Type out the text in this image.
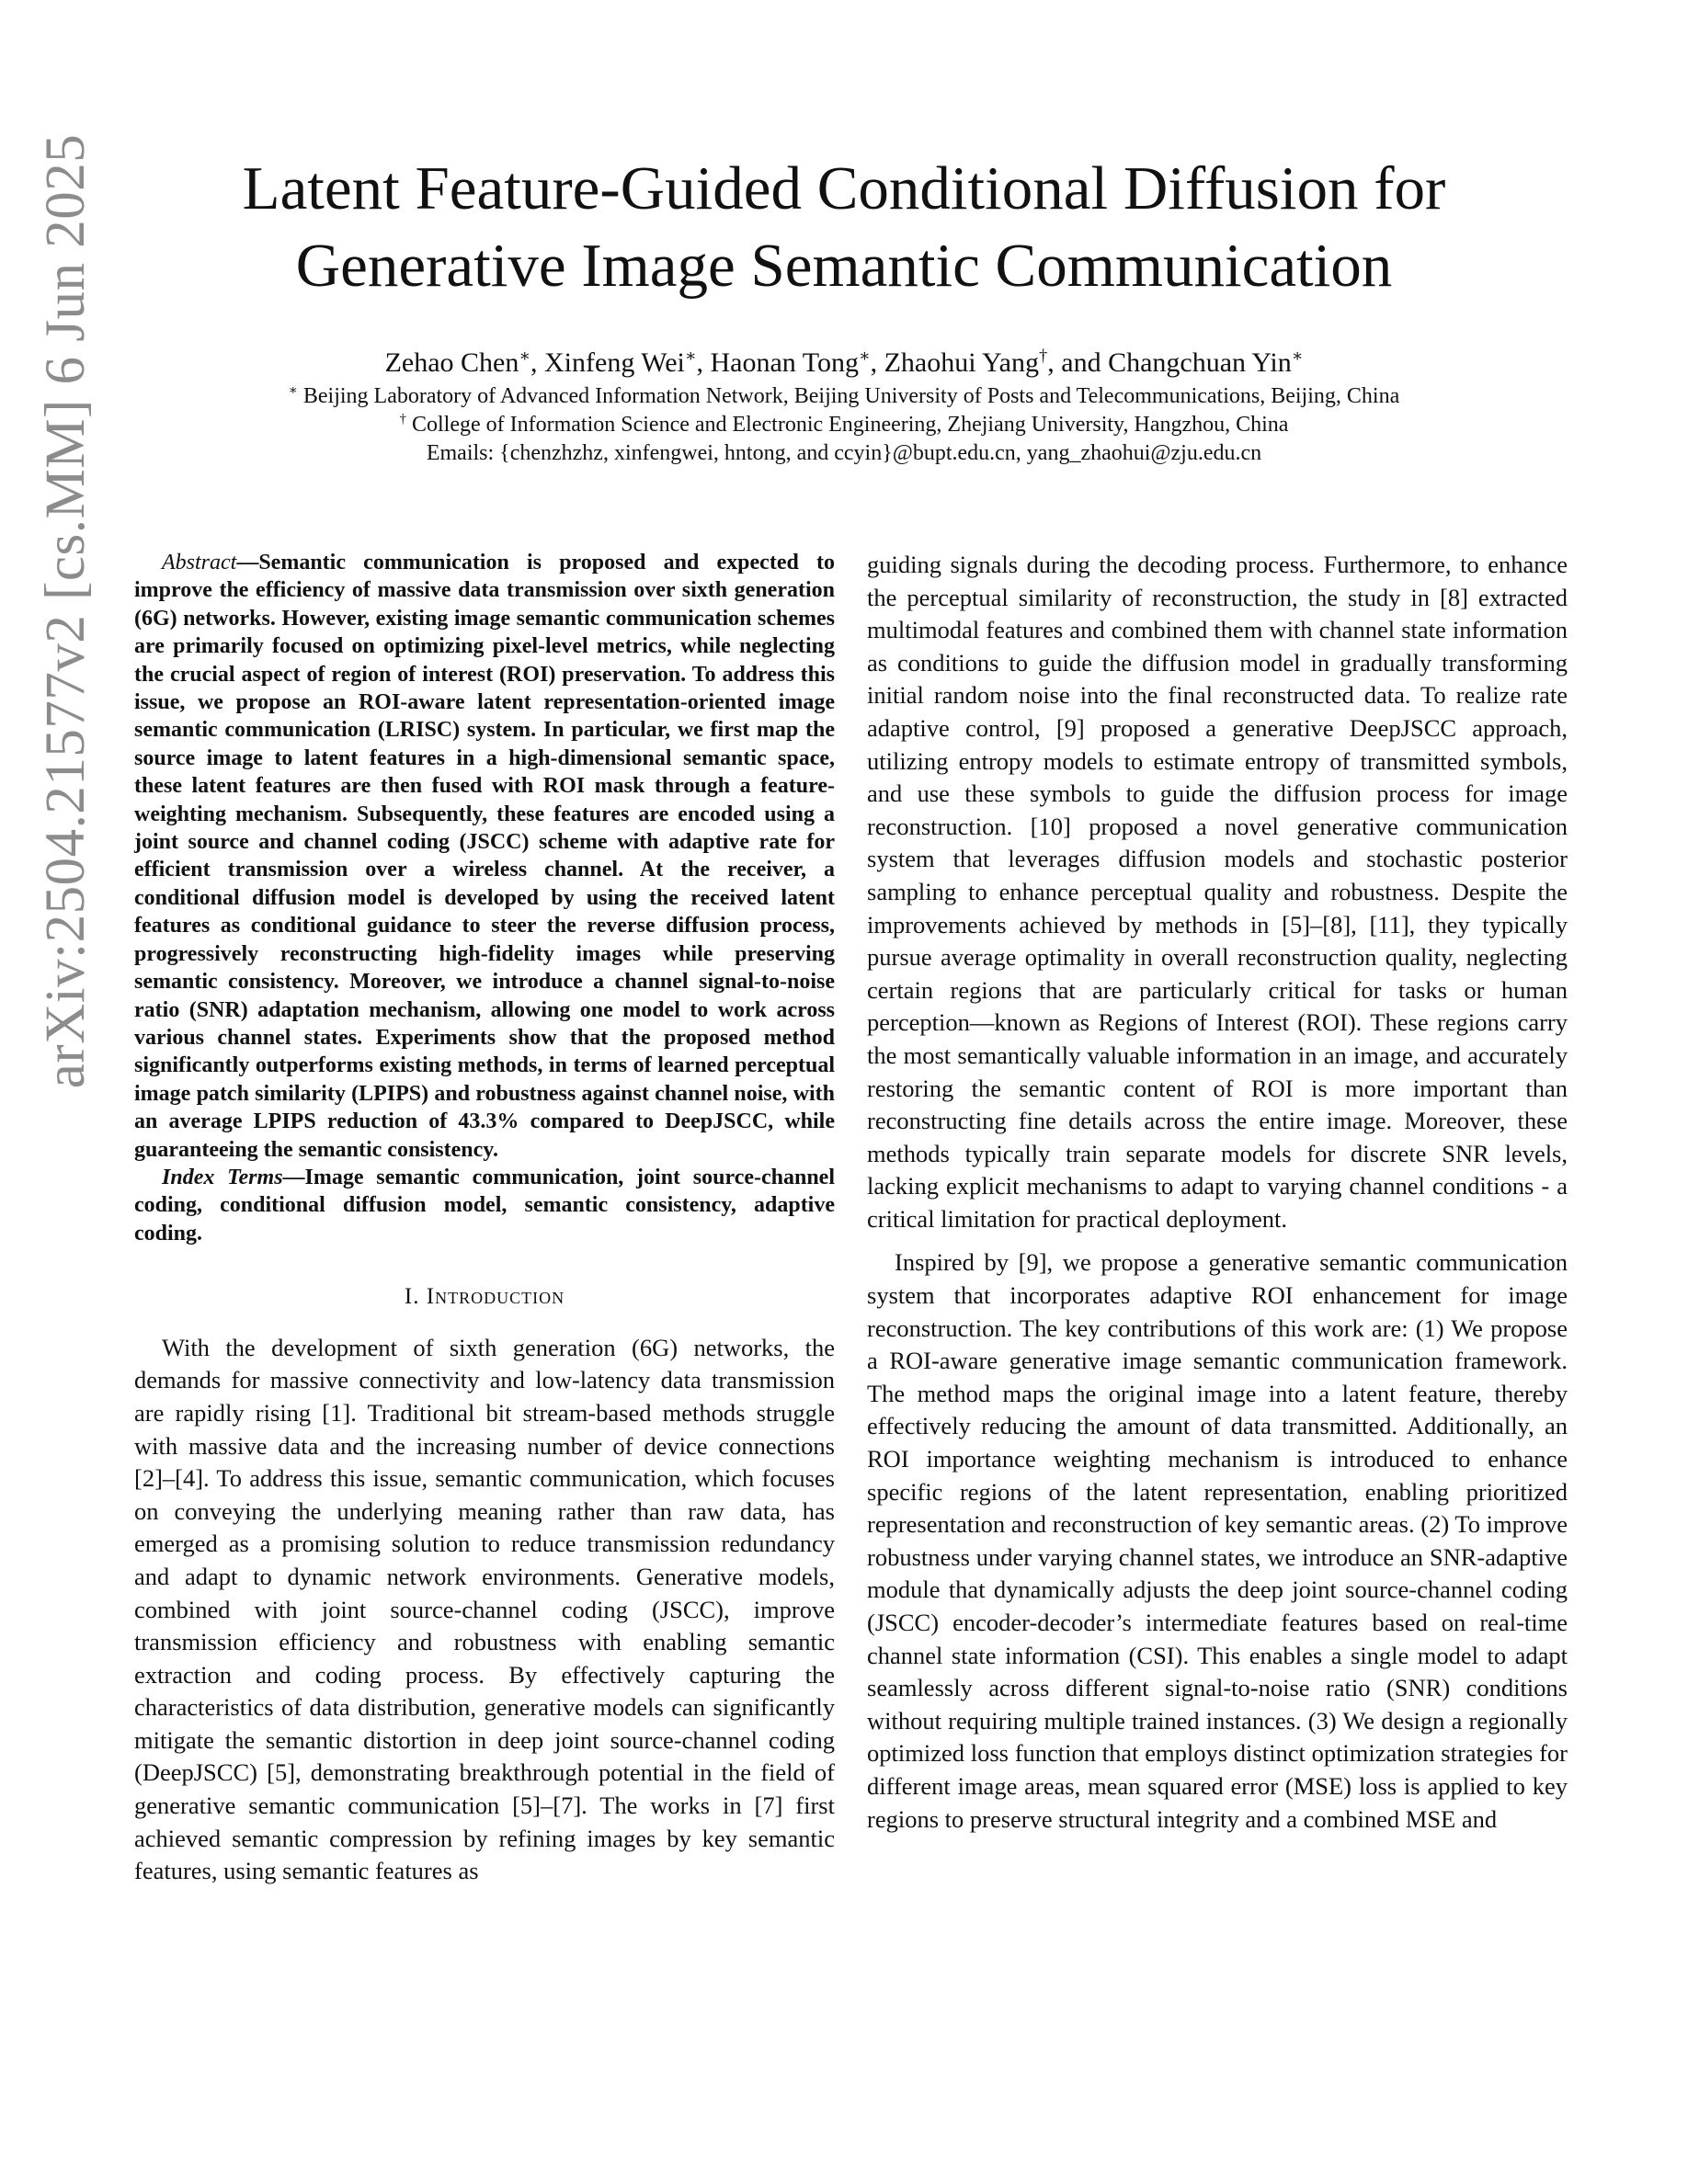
arXiv:2504.21577v2 [cs.MM] 6 Jun 2025	Latent Feature-Guided Conditional Diffusion for
Generative Image Semantic Communication
Zehao Chen∗, Xinfeng Wei∗, Haonan Tong∗, Zhaohui Yang†, and Changchuan Yin∗
∗ Beijing Laboratory of Advanced Information Network, Beijing University of Posts and Telecommunications, Beijing, China
† College of Information Science and Electronic Engineering, Zhejiang University, Hangzhou, China
Emails: {chenzhzhz, xinfengwei, hntong, and ccyin}@bupt.edu.cn, yang_zhaohui@zju.edu.cn

Abstract—Semantic communication is proposed and expected to improve the efficiency of massive data transmission over sixth generation (6G) networks. However, existing image semantic communication schemes are primarily focused on optimizing pixel-level metrics, while neglecting the crucial aspect of region of interest (ROI) preservation. To address this issue, we propose an ROI-aware latent representation-oriented image semantic communication (LRISC) system. In particular, we first map the source image to latent features in a high-dimensional semantic space, these latent features are then fused with ROI mask through a feature-weighting mechanism. Subsequently, these features are encoded using a joint source and channel coding (JSCC) scheme with adaptive rate for efficient transmission over a wireless channel. At the receiver, a conditional diffusion model is developed by using the received latent features as conditional guidance to steer the reverse diffusion process, progressively reconstructing high-fidelity images while preserving semantic consistency. Moreover, we introduce a channel signal-to-noise ratio (SNR) adaptation mechanism, allowing one model to work across various channel states. Experiments show that the proposed method significantly outperforms existing methods, in terms of learned perceptual image patch similarity (LPIPS) and robustness against channel noise, with an average LPIPS reduction of 43.3% compared to DeepJSCC, while guaranteeing the semantic consistency.

Index Terms—Image semantic communication, joint source-channel coding, conditional diffusion model, semantic consistency, adaptive coding.

I. Introduction

With the development of sixth generation (6G) networks, the demands for massive connectivity and low-latency data transmission are rapidly rising [1]. Traditional bit stream-based methods struggle with massive data and the increasing number of device connections [2]–[4]. To address this issue, semantic communication, which focuses on conveying the underlying meaning rather than raw data, has emerged as a promising solution to reduce transmission redundancy and adapt to dynamic network environments. Generative models, combined with joint source-channel coding (JSCC), improve transmission efficiency and robustness with enabling semantic extraction and coding process. By effectively capturing the characteristics of data distribution, generative models can significantly mitigate the semantic distortion in deep joint source-channel coding (DeepJSCC) [5], demonstrating breakthrough potential in the field of generative semantic communication [5]–[7]. The works in [7] first achieved semantic compression by refining images by key semantic features, using semantic features as

guiding signals during the decoding process. Furthermore, to enhance the perceptual similarity of reconstruction, the study in [8] extracted multimodal features and combined them with channel state information as conditions to guide the diffusion model in gradually transforming initial random noise into the final reconstructed data. To realize rate adaptive control, [9] proposed a generative DeepJSCC approach, utilizing entropy models to estimate entropy of transmitted symbols, and use these symbols to guide the diffusion process for image reconstruction. [10] proposed a novel generative communication system that leverages diffusion models and stochastic posterior sampling to enhance perceptual quality and robustness. Despite the improvements achieved by methods in [5]–[8], [11], they typically pursue average optimality in overall reconstruction quality, neglecting certain regions that are particularly critical for tasks or human perception—known as Regions of Interest (ROI). These regions carry the most semantically valuable information in an image, and accurately restoring the semantic content of ROI is more important than reconstructing fine details across the entire image. Moreover, these methods typically train separate models for discrete SNR levels, lacking explicit mechanisms to adapt to varying channel conditions - a critical limitation for practical deployment.

Inspired by [9], we propose a generative semantic communication system that incorporates adaptive ROI enhancement for image reconstruction. The key contributions of this work are: (1) We propose a ROI-aware generative image semantic communication framework. The method maps the original image into a latent feature, thereby effectively reducing the amount of data transmitted. Additionally, an ROI importance weighting mechanism is introduced to enhance specific regions of the latent representation, enabling prioritized representation and reconstruction of key semantic areas. (2) To improve robustness under varying channel states, we introduce an SNR-adaptive module that dynamically adjusts the deep joint source-channel coding (JSCC) encoder-decoder’s intermediate features based on real-time channel state information (CSI). This enables a single model to adapt seamlessly across different signal-to-noise ratio (SNR) conditions without requiring multiple trained instances. (3) We design a regionally optimized loss function that employs distinct optimization strategies for different image areas, mean squared error (MSE) loss is applied to key regions to preserve structural integrity and a combined MSE and
